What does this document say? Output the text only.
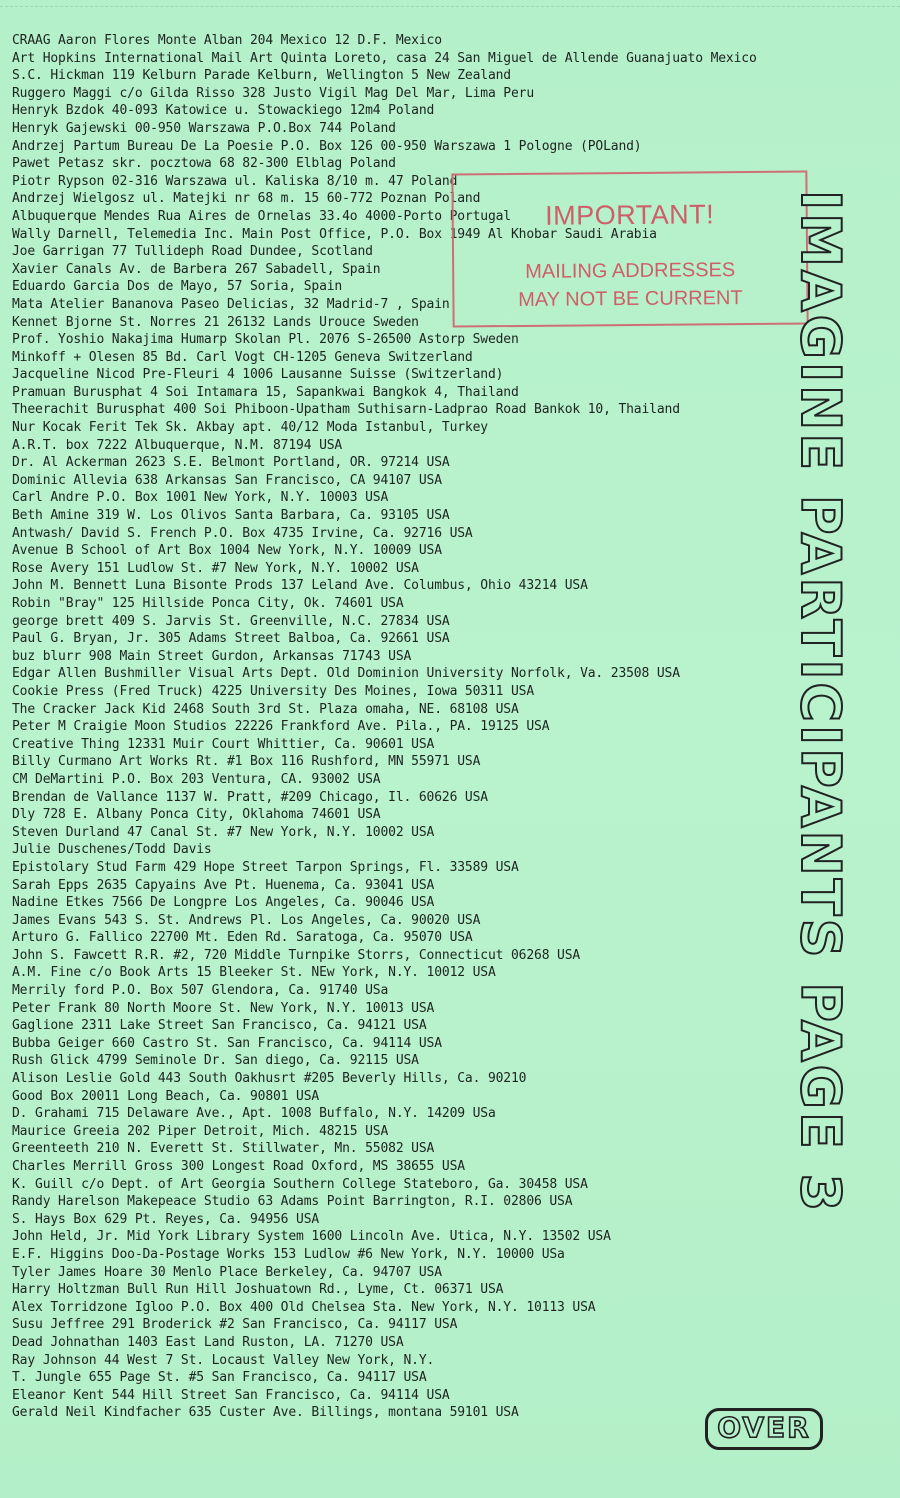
CRAAG Aaron Flores Monte Alban 204 Mexico 12 D.F. Mexico
Art Hopkins International Mail Art Quinta Loreto, casa 24 San Miguel de Allende Guanajuato Mexico
S.C. Hickman 119 Kelburn Parade Kelburn, Wellington 5 New Zealand
Ruggero Maggi c/o Gilda Risso 328 Justo Vigil Mag Del Mar, Lima Peru
Henryk Bzdok 40-093 Katowice u. Stowackiego 12m4 Poland
Henryk Gajewski 00-950 Warszawa P.O.Box 744 Poland
Andrzej Partum Bureau De La Poesie P.O. Box 126 00-950 Warszawa 1 Pologne (POLand)
Pawet Petasz skr. pocztowa 68 82-300 Elblag Poland
Piotr Rypson 02-316 Warszawa ul. Kaliska 8/10 m. 47 Poland
Andrzej Wielgosz ul. Matejki nr 68 m. 15 60-772 Poznan Poland
Albuquerque Mendes Rua Aires de Ornelas 33.4o 4000-Porto Portugal
Wally Darnell, Telemedia Inc. Main Post Office, P.O. Box 1949 Al Khobar Saudi Arabia
Joe Garrigan 77 Tullideph Road Dundee, Scotland
Xavier Canals Av. de Barbera 267 Sabadell, Spain
Eduardo Garcia Dos de Mayo, 57 Soria, Spain
Mata Atelier Bananova Paseo Delicias, 32 Madrid-7 , Spain
Kennet Bjorne St. Norres 21 26132 Lands Urouce Sweden
Prof. Yoshio Nakajima Humarp Skolan Pl. 2076 S-26500 Astorp Sweden
Minkoff + Olesen 85 Bd. Carl Vogt CH-1205 Geneva Switzerland
Jacqueline Nicod Pre-Fleuri 4 1006 Lausanne Suisse (Switzerland)
Pramuan Burusphat 4 Soi Intamara 15, Sapankwai Bangkok 4, Thailand
Theerachit Burusphat 400 Soi Phiboon-Upatham Suthisarn-Ladprao Road Bankok 10, Thailand
Nur Kocak Ferit Tek Sk. Akbay apt. 40/12 Moda Istanbul, Turkey
A.R.T. box 7222 Albuquerque, N.M. 87194 USA
Dr. Al Ackerman 2623 S.E. Belmont Portland, OR. 97214 USA
Dominic Allevia 638 Arkansas San Francisco, CA 94107 USA
Carl Andre P.O. Box 1001 New York, N.Y. 10003 USA
Beth Amine 319 W. Los Olivos Santa Barbara, Ca. 93105 USA
Antwash/ David S. French P.O. Box 4735 Irvine, Ca. 92716 USA
Avenue B School of Art Box 1004 New York, N.Y. 10009 USA
Rose Avery 151 Ludlow St. #7 New York, N.Y. 10002 USA
John M. Bennett Luna Bisonte Prods 137 Leland Ave. Columbus, Ohio 43214 USA
Robin "Bray" 125 Hillside Ponca City, Ok. 74601 USA
george brett 409 S. Jarvis St. Greenville, N.C. 27834 USA
Paul G. Bryan, Jr. 305 Adams Street Balboa, Ca. 92661 USA
buz blurr 908 Main Street Gurdon, Arkansas 71743 USA
Edgar Allen Bushmiller Visual Arts Dept. Old Dominion University Norfolk, Va. 23508 USA
Cookie Press (Fred Truck) 4225 University Des Moines, Iowa 50311 USA
The Cracker Jack Kid 2468 South 3rd St. Plaza omaha, NE. 68108 USA
Peter M Craigie Moon Studios 22226 Frankford Ave. Pila., PA. 19125 USA
Creative Thing 12331 Muir Court Whittier, Ca. 90601 USA
Billy Curmano Art Works Rt. #1 Box 116 Rushford, MN 55971 USA
CM DeMartini P.O. Box 203 Ventura, CA. 93002 USA
Brendan de Vallance 1137 W. Pratt, #209 Chicago, Il. 60626 USA
Dly 728 E. Albany Ponca City, Oklahoma 74601 USA
Steven Durland 47 Canal St. #7 New York, N.Y. 10002 USA
Julie Duschenes/Todd Davis
Epistolary Stud Farm 429 Hope Street Tarpon Springs, Fl. 33589 USA
Sarah Epps 2635 Capyains Ave Pt. Huenema, Ca. 93041 USA
Nadine Etkes 7566 De Longpre Los Angeles, Ca. 90046 USA
James Evans 543 S. St. Andrews Pl. Los Angeles, Ca. 90020 USA
Arturo G. Fallico 22700 Mt. Eden Rd. Saratoga, Ca. 95070 USA
John S. Fawcett R.R. #2, 720 Middle Turnpike Storrs, Connecticut 06268 USA
A.M. Fine c/o Book Arts 15 Bleeker St. NEw York, N.Y. 10012 USA
Merrily ford P.O. Box 507 Glendora, Ca. 91740 USa
Peter Frank 80 North Moore St. New York, N.Y. 10013 USA
Gaglione 2311 Lake Street San Francisco, Ca. 94121 USA
Bubba Geiger 660 Castro St. San Francisco, Ca. 94114 USA
Rush Glick 4799 Seminole Dr. San diego, Ca. 92115 USA
Alison Leslie Gold 443 South Oakhusrt #205 Beverly Hills, Ca. 90210
Good Box 20011 Long Beach, Ca. 90801 USA
D. Grahami 715 Delaware Ave., Apt. 1008 Buffalo, N.Y. 14209 USa
Maurice Greeia 202 Piper Detroit, Mich. 48215 USA
Greenteeth 210 N. Everett St. Stillwater, Mn. 55082 USA
Charles Merrill Gross 300 Longest Road Oxford, MS 38655 USA
K. Guill c/o Dept. of Art Georgia Southern College Stateboro, Ga. 30458 USA
Randy Harelson Makepeace Studio 63 Adams Point Barrington, R.I. 02806 USA
S. Hays Box 629 Pt. Reyes, Ca. 94956 USA
John Held, Jr. Mid York Library System 1600 Lincoln Ave. Utica, N.Y. 13502 USA
E.F. Higgins Doo-Da-Postage Works 153 Ludlow #6 New York, N.Y. 10000 USa
Tyler James Hoare 30 Menlo Place Berkeley, Ca. 94707 USA
Harry Holtzman Bull Run Hill Joshuatown Rd., Lyme, Ct. 06371 USA
Alex Torridzone Igloo P.O. Box 400 Old Chelsea Sta. New York, N.Y. 10113 USA
Susu Jeffree 291 Broderick #2 San Francisco, Ca. 94117 USA
Dead Johnathan 1403 East Land Ruston, LA. 71270 USA
Ray Johnson 44 West 7 St. Locaust Valley New York, N.Y.
T. Jungle 655 Page St. #5 San Francisco, Ca. 94117 USA
Eleanor Kent 544 Hill Street San Francisco, Ca. 94114 USA
Gerald Neil Kindfacher 635 Custer Ave. Billings, montana 59101 USA
IMPORTANT!
MAILING ADDRESSES
MAY NOT BE CURRENT IMAGINE PARTICIPANTS PAGE 3
OVER
